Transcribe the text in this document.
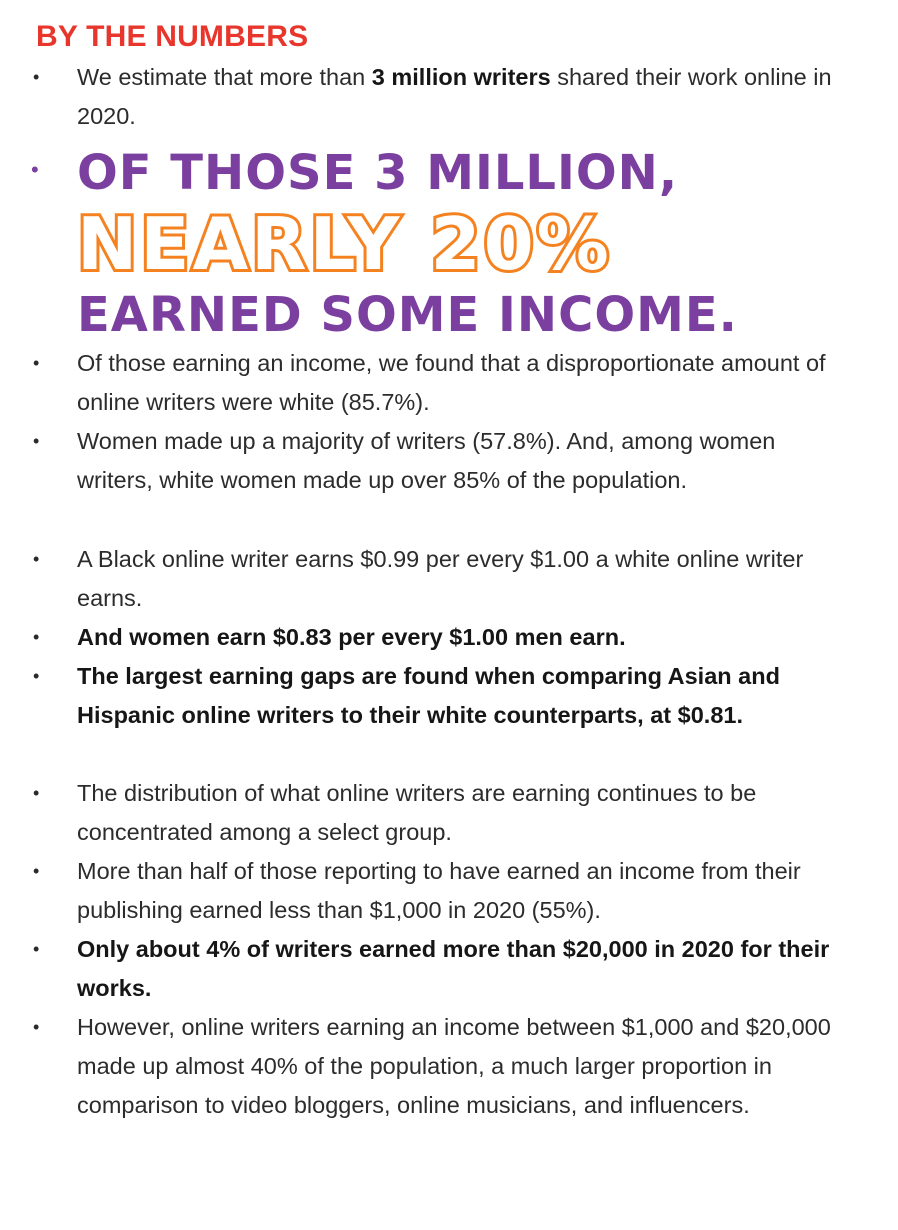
BY THE NUMBERS
• We estimate that more than 3 million writers shared their work online in 2020.

• OF THOSE 3 MILLION,
NEARLY 20%
EARNED SOME INCOME.
• Of those earning an income, we found that a disproportionate amount of online writers were white (85.7%).

• Women made up a majority of writers (57.8%). And, among women writers, white women made up over 85% of the population.

• A Black online writer earns $0.99 per every $1.00 a white online writer earns.

• And women earn $0.83 per every $1.00 men earn.

• The largest earning gaps are found when comparing Asian and Hispanic online writers to their white counterparts, at $0.81.

• The distribution of what online writers are earning continues to be concentrated among a select group.

• More than half of those reporting to have earned an income from their publishing earned less than $1,000 in 2020 (55%).

• Only about 4% of writers earned more than $20,000 in 2020 for their works.

• However, online writers earning an income between $1,000 and $20,000 made up almost 40% of the population, a much larger proportion in comparison to video bloggers, online musicians, and influencers.
